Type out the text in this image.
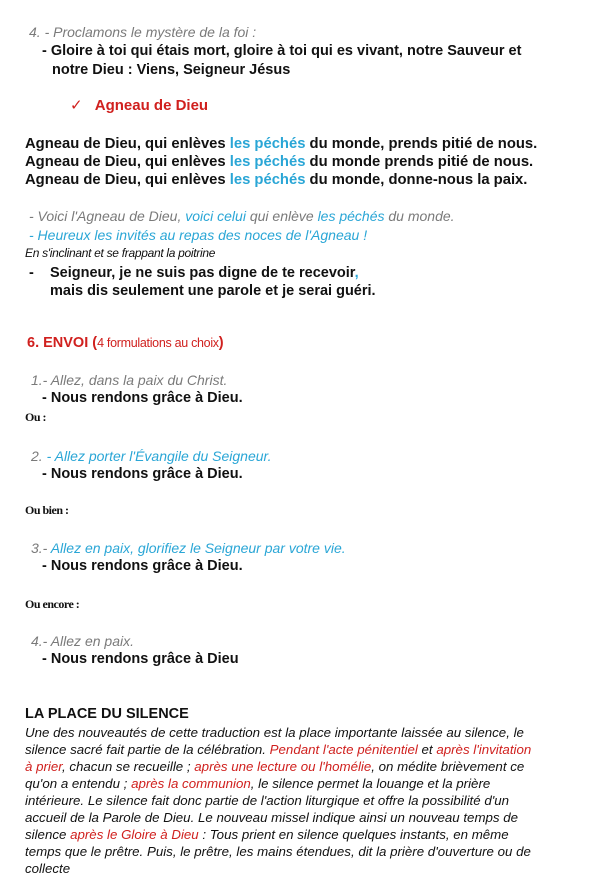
4. - Proclamons le mystère de la foi :
- Gloire à toi qui étais mort, gloire à toi qui es vivant, notre Sauveur et
notre Dieu : Viens, Seigneur Jésus
✓ Agneau de Dieu
Agneau de Dieu, qui enlèves les péchés du monde, prends pitié de nous.
Agneau de Dieu, qui enlèves les péchés du monde prends pitié de nous.
Agneau de Dieu, qui enlèves les péchés du monde, donne-nous la paix.
- Voici l'Agneau de Dieu, voici celui qui enlève les péchés du monde.
- Heureux les invités au repas des noces de l'Agneau !
En s'inclinant et se frappant la poitrine
- Seigneur, je ne suis pas digne de te recevoir,
mais dis seulement une parole et je serai guéri.
6. ENVOI (4 formulations au choix)
1.- Allez, dans la paix du Christ.
- Nous rendons grâce à Dieu.
Ou :
2. - Allez porter l'Évangile du Seigneur.
- Nous rendons grâce à Dieu.
Ou bien :
3.- Allez en paix, glorifiez le Seigneur par votre vie.
- Nous rendons grâce à Dieu.
Ou encore :
4.- Allez en paix.
- Nous rendons grâce à Dieu
LA PLACE DU SILENCE

Une des nouveautés de cette traduction est la place importante laissée au silence, le

silence sacré fait partie de la célébration. Pendant l'acte pénitentiel et après l'invitation

à prier, chacun se recueille ; après une lecture ou l'homélie, on médite brièvement ce

qu'on a entendu ; après la communion, le silence permet la louange et la prière

intérieure. Le silence fait donc partie de l'action liturgique et offre la possibilité d'un

accueil de la Parole de Dieu. Le nouveau missel indique ainsi un nouveau temps de

silence après le Gloire à Dieu : Tous prient en silence quelques instants, en même

temps que le prêtre. Puis, le prêtre, les mains étendues, dit la prière d'ouverture ou de

collecte
